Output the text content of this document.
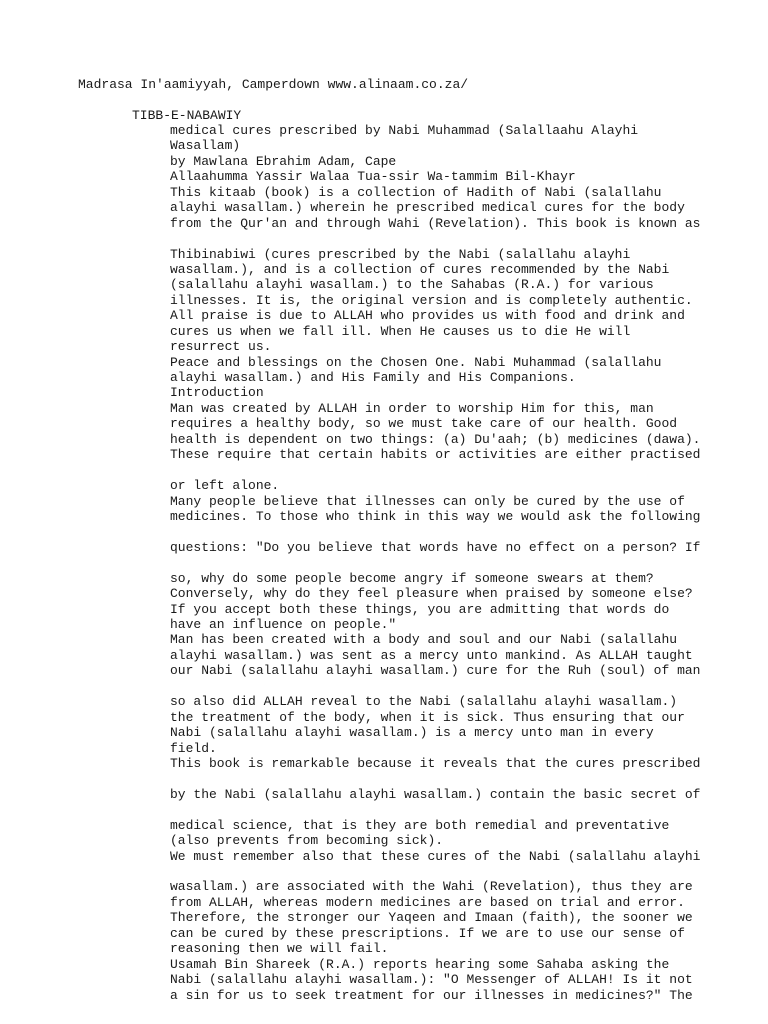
Madrasa In'aamiyyah, Camperdown www.alinaam.co.za/
TIBB-E-NABAWIY
medical cures prescribed by Nabi Muhammad (Salallaahu Alayhi
Wasallam)
by Mawlana Ebrahim Adam, Cape
Allaahumma Yassir Walaa Tua-ssir Wa-tammim Bil-Khayr
This kitaab (book) is a collection of Hadith of Nabi (salallahu
alayhi wasallam.) wherein he prescribed medical cures for the body
from the Qur'an and through Wahi (Revelation). This book is known as
Thibinabiwi (cures prescribed by the Nabi (salallahu alayhi
wasallam.), and is a collection of cures recommended by the Nabi
(salallahu alayhi wasallam.) to the Sahabas (R.A.) for various
illnesses. It is, the original version and is completely authentic.
All praise is due to ALLAH who provides us with food and drink and
cures us when we fall ill. When He causes us to die He will
resurrect us.
Peace and blessings on the Chosen One. Nabi Muhammad (salallahu
alayhi wasallam.) and His Family and His Companions.
Introduction
Man was created by ALLAH in order to worship Him for this, man
requires a healthy body, so we must take care of our health. Good
health is dependent on two things: (a) Du'aah; (b) medicines (dawa).
These require that certain habits or activities are either practised
or left alone.
Many people believe that illnesses can only be cured by the use of
medicines. To those who think in this way we would ask the following
questions: "Do you believe that words have no effect on a person? If
so, why do some people become angry if someone swears at them?
Conversely, why do they feel pleasure when praised by someone else?
If you accept both these things, you are admitting that words do
have an influence on people."
Man has been created with a body and soul and our Nabi (salallahu
alayhi wasallam.) was sent as a mercy unto mankind. As ALLAH taught
our Nabi (salallahu alayhi wasallam.) cure for the Ruh (soul) of man
so also did ALLAH reveal to the Nabi (salallahu alayhi wasallam.)
the treatment of the body, when it is sick. Thus ensuring that our
Nabi (salallahu alayhi wasallam.) is a mercy unto man in every
field.
This book is remarkable because it reveals that the cures prescribed
by the Nabi (salallahu alayhi wasallam.) contain the basic secret of
medical science, that is they are both remedial and preventative
(also prevents from becoming sick).
We must remember also that these cures of the Nabi (salallahu alayhi
wasallam.) are associated with the Wahi (Revelation), thus they are
from ALLAH, whereas modern medicines are based on trial and error.
Therefore, the stronger our Yaqeen and Imaan (faith), the sooner we
can be cured by these prescriptions. If we are to use our sense of
reasoning then we will fail.
Usamah Bin Shareek (R.A.) reports hearing some Sahaba asking the
Nabi (salallahu alayhi wasallam.): "O Messenger of ALLAH! Is it not
a sin for us to seek treatment for our illnesses in medicines?" The
